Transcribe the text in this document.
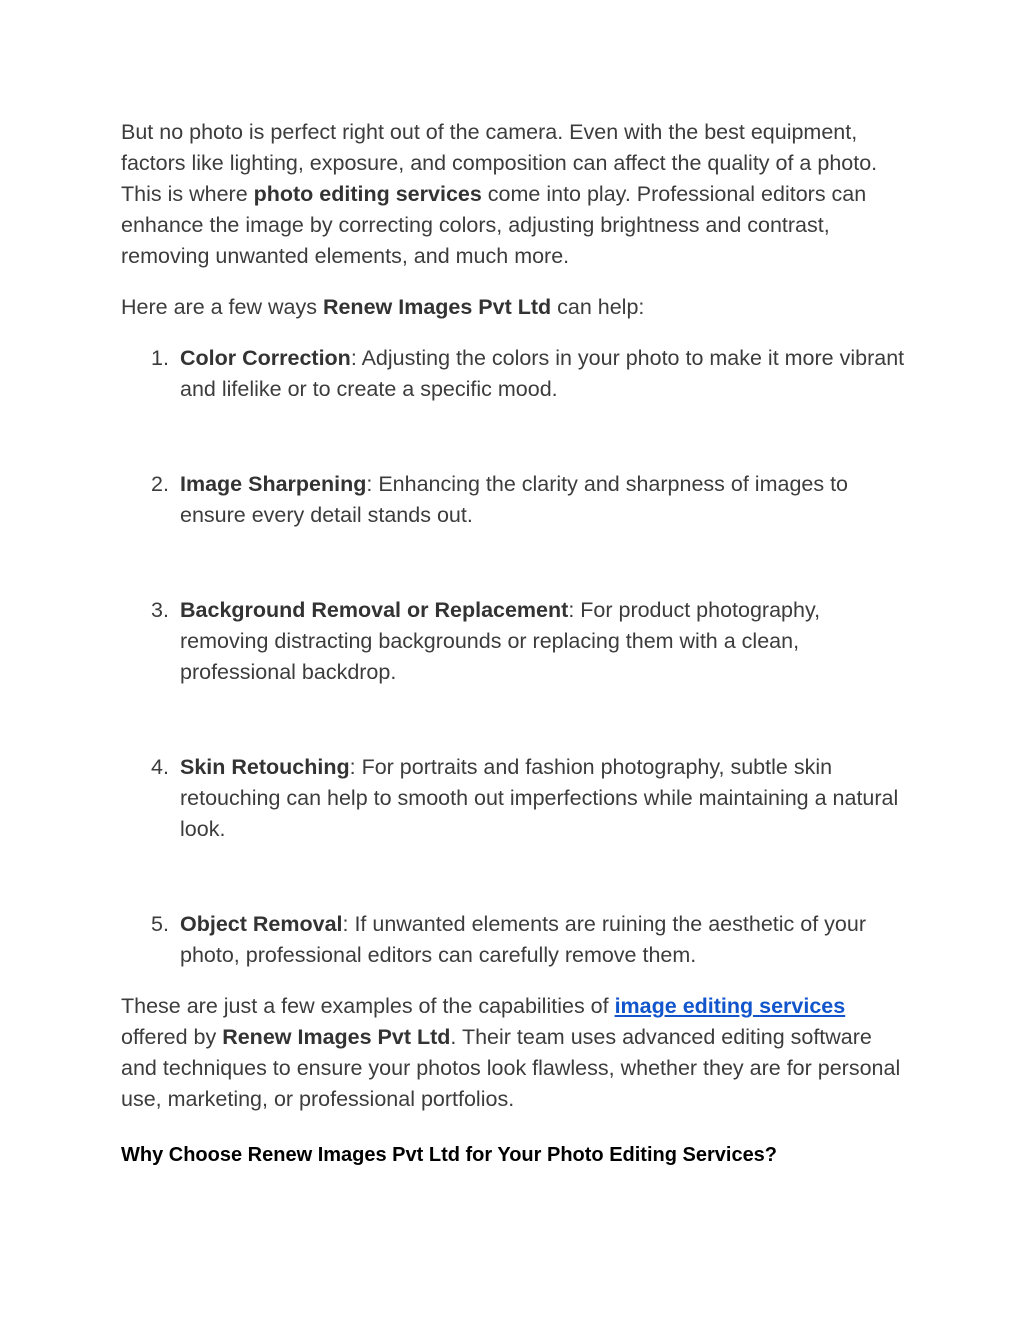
But no photo is perfect right out of the camera. Even with the best equipment, factors like lighting, exposure, and composition can affect the quality of a photo. This is where photo editing services come into play. Professional editors can enhance the image by correcting colors, adjusting brightness and contrast, removing unwanted elements, and much more.

Here are a few ways Renew Images Pvt Ltd can help:

1. Color Correction: Adjusting the colors in your photo to make it more vibrant and lifelike or to create a specific mood.
2. Image Sharpening: Enhancing the clarity and sharpness of images to ensure every detail stands out.
3. Background Removal or Replacement: For product photography, removing distracting backgrounds or replacing them with a clean, professional backdrop.
4. Skin Retouching: For portraits and fashion photography, subtle skin retouching can help to smooth out imperfections while maintaining a natural look.
5. Object Removal: If unwanted elements are ruining the aesthetic of your photo, professional editors can carefully remove them.

These are just a few examples of the capabilities of image editing services offered by Renew Images Pvt Ltd. Their team uses advanced editing software and techniques to ensure your photos look flawless, whether they are for personal use, marketing, or professional portfolios.

Why Choose Renew Images Pvt Ltd for Your Photo Editing Services?
